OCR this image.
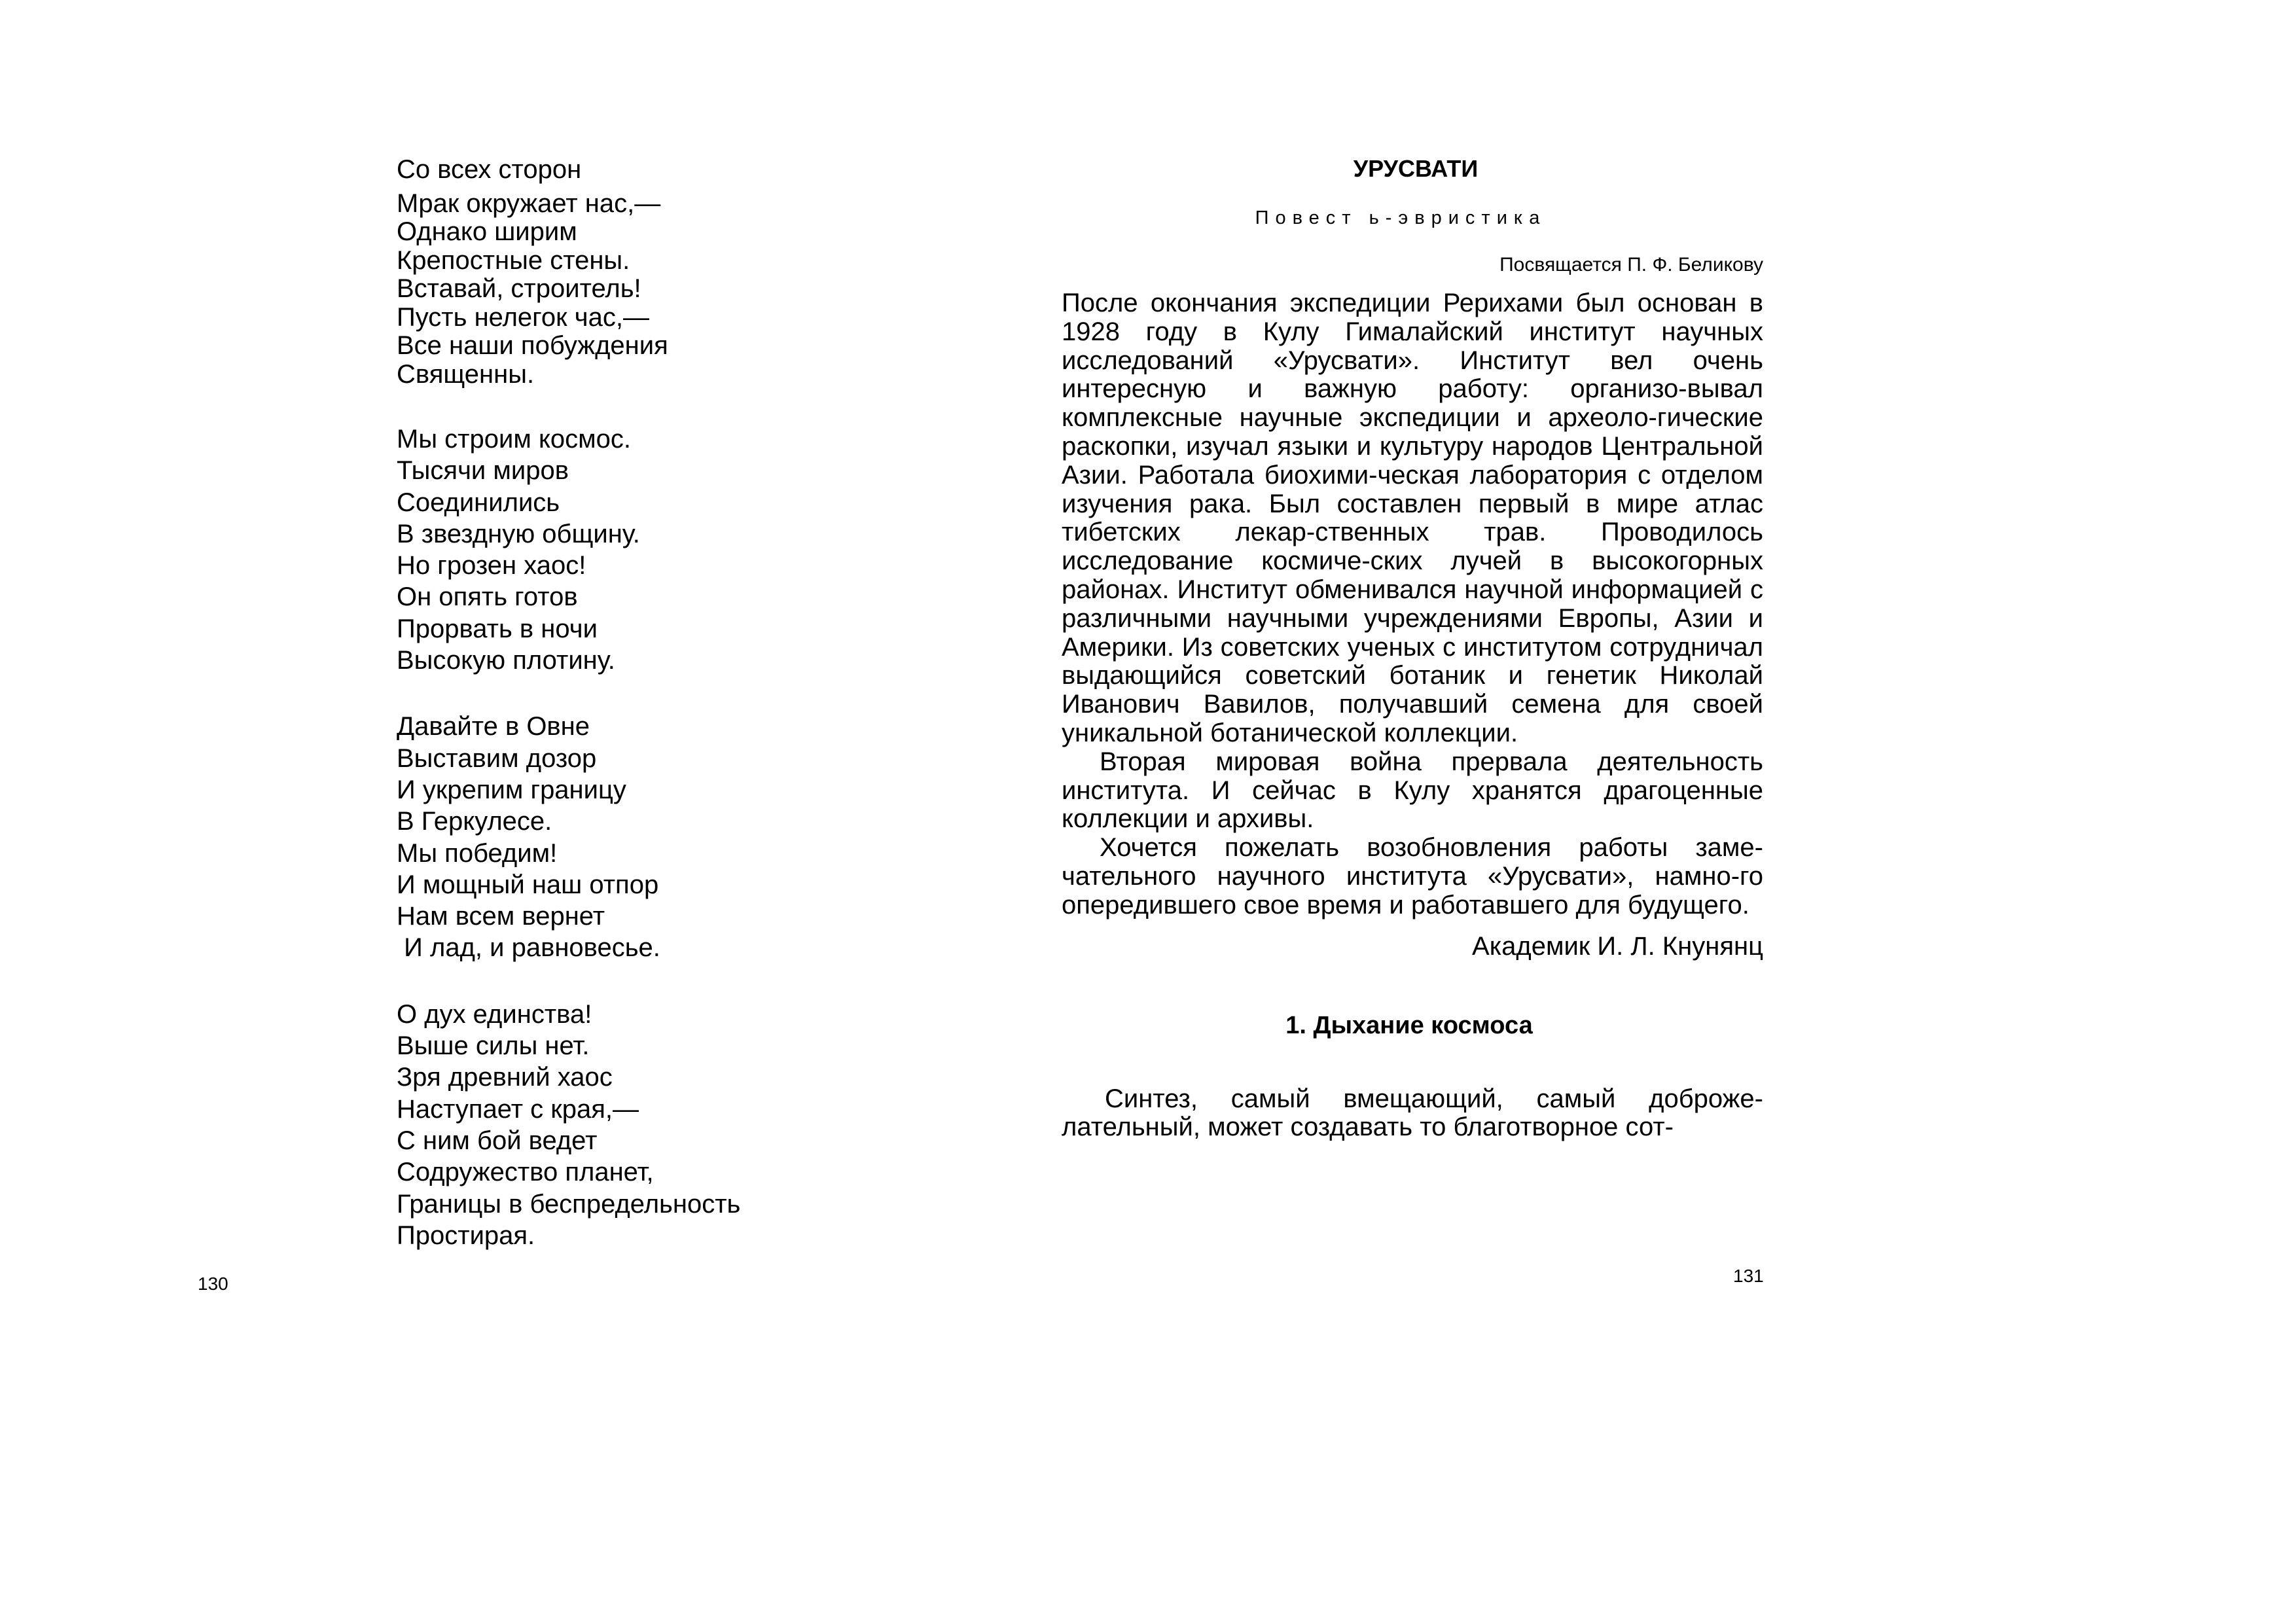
Со всех сторон
Мрак окружает нас,—
Однако ширим
Крепостные стены.
Вставай, строитель!
Пусть нелегок час,—
Все наши побуждения
Священны.
Мы строим космос.
Тысячи миров
Соединились
В звездную общину.
Но грозен хаос!
Он опять готов
Прорвать в ночи
Высокую плотину.
Давайте в Овне
Выставим дозор
И укрепим границу
В Геркулесе.
Мы победим!
И мощный наш отпор
Нам всем вернет
И лад, и равновесье.
О дух единства!
Выше силы нет.
Зря древний хаос
Наступает с края,—
С ним бой ведет
Содружество планет,
Границы в беспредельность
Простирая.
130
УРУСВАТИ
Повест ь-эвристика
Посвящается П. Ф. Беликову

После окончания экспедиции Рерихами был основан в 1928 году в Кулу Гималайский институт научных исследований «Урусвати». Институт вел очень интересную и важную работу: организо-вывал комплексные научные экспедиции и археоло-гические раскопки, изучал языки и культуру народов Центральной Азии. Работала биохими-ческая лаборатория с отделом изучения рака. Был составлен первый в мире атлас тибетских лекар-ственных трав. Проводилось исследование космиче-ских лучей в высокогорных районах. Институт обменивался научной информацией с различными научными учреждениями Европы, Азии и Америки. Из советских ученых с институтом сотрудничал выдающийся советский ботаник и генетик Николай Иванович Вавилов, получавший семена для своей уникальной ботанической коллекции.

Вторая мировая война прервала деятельность института. И сейчас в Кулу хранятся драгоценные коллекции и архивы.

Хочется пожелать возобновления работы заме-чательного научного института «Урусвати», намно-го опередившего свое время и работавшего для будущего.

Академик И. Л. Кнунянц
1. Дыхание космоса

Синтез, самый вмещающий, самый доброже-лательный, может создавать то благотворное сот-

131
